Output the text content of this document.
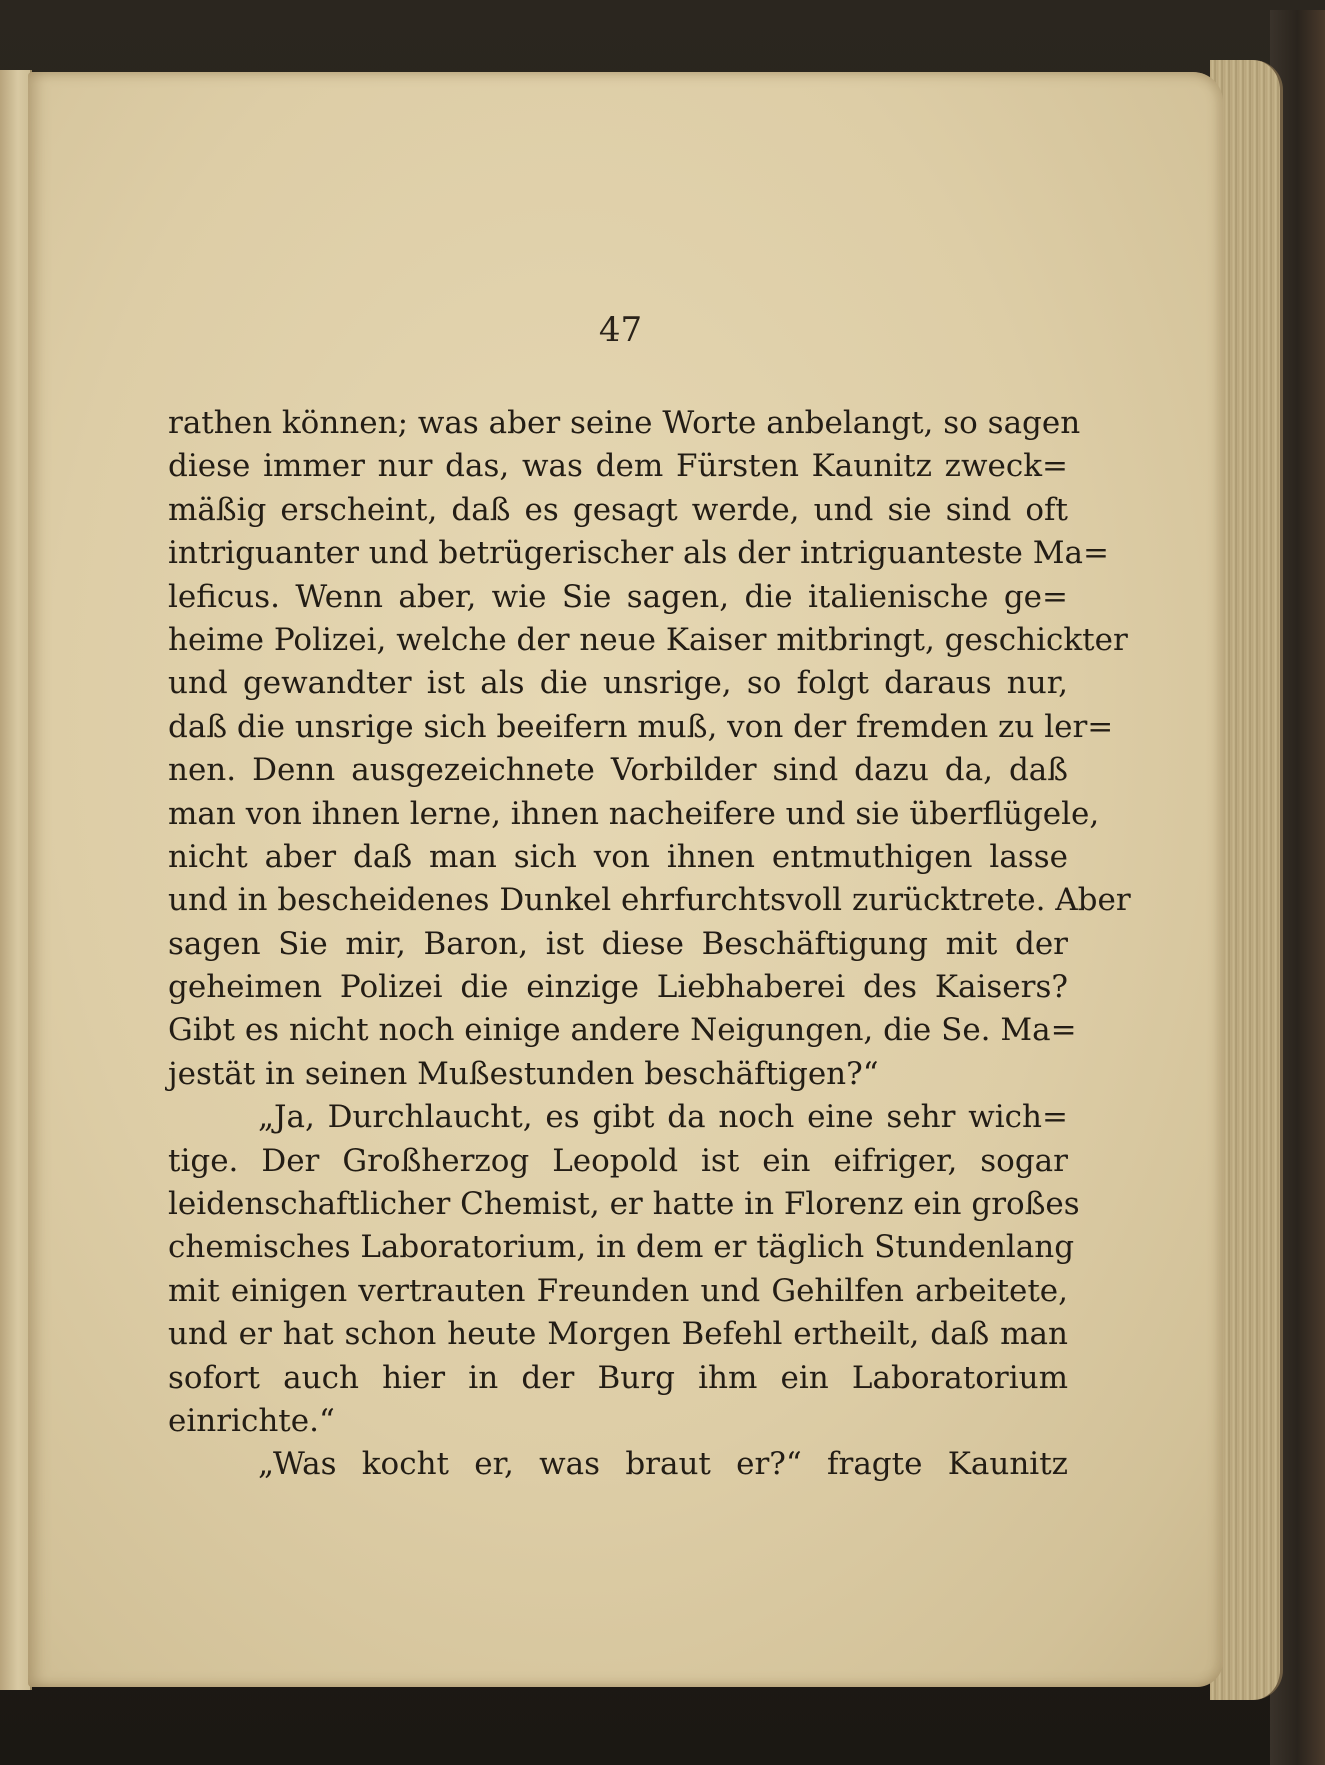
47
rathen können; was aber seine Worte anbelangt, so sagen
diese immer nur das, was dem Fürsten Kaunitz zweck=
mäßig erscheint, daß es gesagt werde, und sie sind oft
intriguanter und betrügerischer als der intriguanteste Ma=
leficus. Wenn aber, wie Sie sagen, die italienische ge=
heime Polizei, welche der neue Kaiser mitbringt, geschickter
und gewandter ist als die unsrige, so folgt daraus nur,
daß die unsrige sich beeifern muß, von der fremden zu ler=
nen. Denn ausgezeichnete Vorbilder sind dazu da, daß
man von ihnen lerne, ihnen nacheifere und sie überflügele,
nicht aber daß man sich von ihnen entmuthigen lasse
und in bescheidenes Dunkel ehrfurchtsvoll zurücktrete. Aber
sagen Sie mir, Baron, ist diese Beschäftigung mit der
geheimen Polizei die einzige Liebhaberei des Kaisers?
Gibt es nicht noch einige andere Neigungen, die Se. Ma=
jestät in seinen Mußestunden beschäftigen?“
„Ja, Durchlaucht, es gibt da noch eine sehr wich=
tige. Der Großherzog Leopold ist ein eifriger, sogar
leidenschaftlicher Chemist, er hatte in Florenz ein großes
chemisches Laboratorium, in dem er täglich Stundenlang
mit einigen vertrauten Freunden und Gehilfen arbeitete,
und er hat schon heute Morgen Befehl ertheilt, daß man
sofort auch hier in der Burg ihm ein Laboratorium
einrichte.“
„Was kocht er, was braut er?“ fragte Kaunitz
